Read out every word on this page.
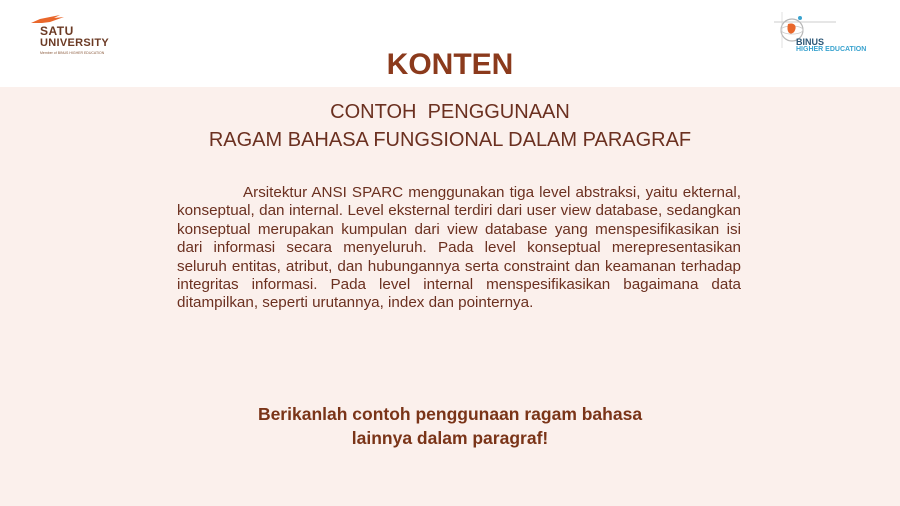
SATU
UNIVERSITY
Member of BINUS HIGHER EDUCATION
BINUS
HIGHER EDUCATION
KONTEN
CONTOH  PENGGUNAAN
RAGAM BAHASA FUNGSIONAL DALAM PARAGRAF
Arsitektur ANSI SPARC menggunakan tiga level abstraksi, yaitu ekternal, konseptual, dan internal. Level eksternal terdiri dari user view database, sedangkan konseptual merupakan kumpulan dari view database yang menspesifikasikan isi dari informasi secara menyeluruh. Pada level konseptual merepresentasikan seluruh entitas, atribut, dan hubungannya serta constraint dan keamanan terhadap integritas informasi. Pada level internal menspesifikasikan bagaimana data ditampilkan, seperti urutannya, index dan pointernya.
Berikanlah contoh penggunaan ragam bahasa
lainnya dalam paragraf!
